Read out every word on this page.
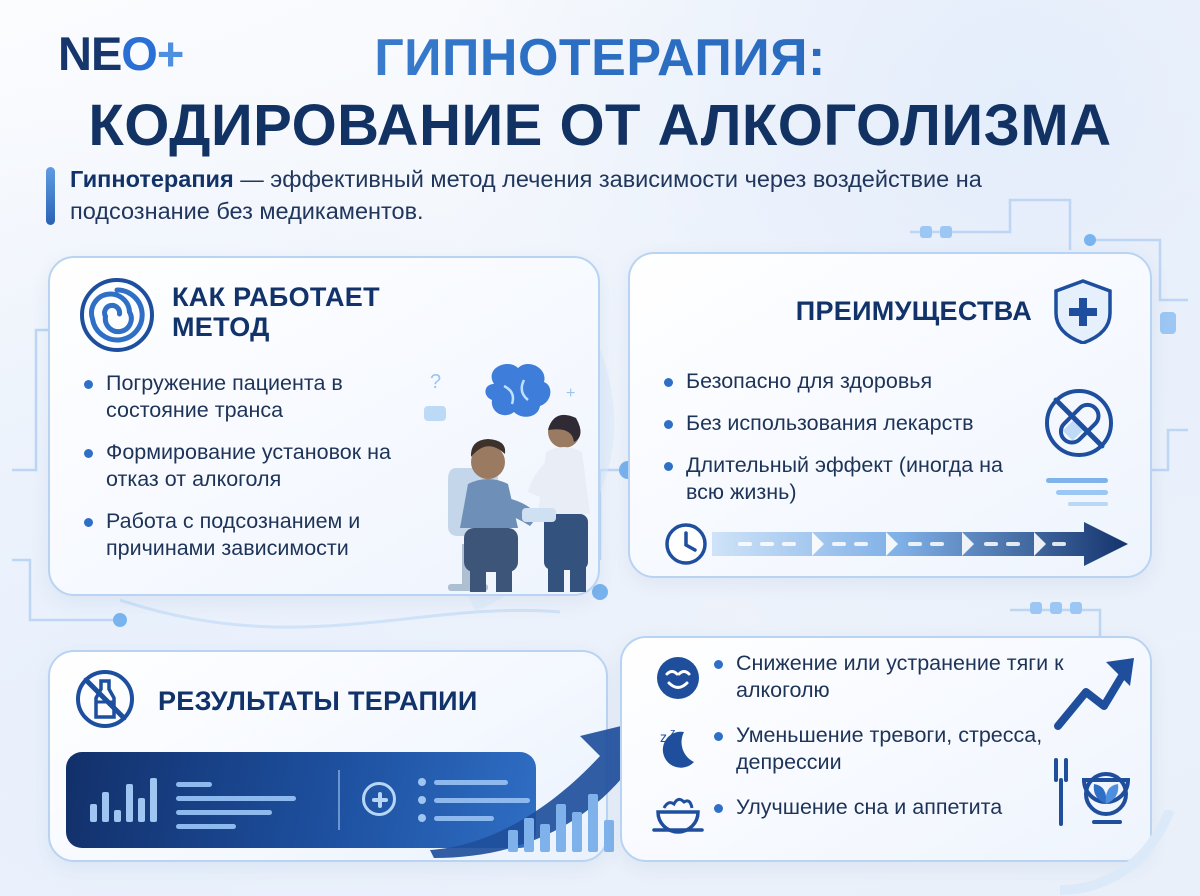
ГИПНОТЕРАПИЯ:
КОДИРОВАНИЕ ОТ АЛКОГОЛИЗМА
Гипнотерапия — эффективный метод лечения зависимости через воздействие на подсознание без медикаментов.
КАК РАБОТАЕТ МЕТОД
Погружение пациента в состояние транса
Формирование установок на отказ от алкоголя
Работа с подсознанием и причинами зависимости
?
+
ПРЕИМУЩЕСТВА
Безопасно для здоровья
Без использования лекарств
Длительный эффект (иногда на всю жизнь)
РЕЗУЛЬТАТЫ ТЕРАПИИ
z z
Снижение или устранение тяги к алкоголю
Уменьшение тревоги, стресса, депрессии
Улучшение сна и аппетита
